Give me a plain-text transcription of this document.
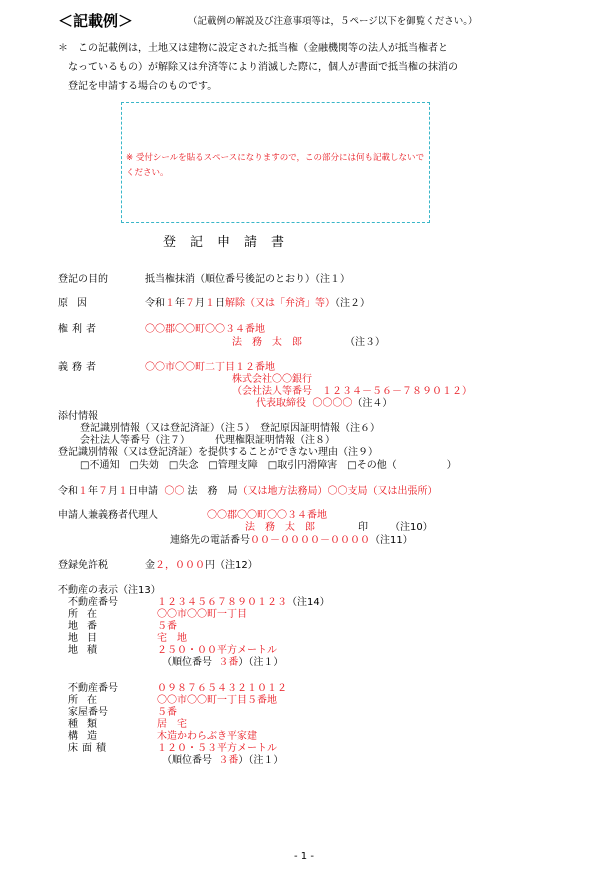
＜記載例＞	（記載例の解説及び注意事項等は，５ページ以下を御覧ください。）
＊　この記載例は，土地又は建物に設定された抵当権（金融機関等の法人が抵当権者と
なっているもの）が解除又は弁済等により消滅した際に，個人が書面で抵当権の抹消の
登記を申請する場合のものです。
※ 受付シールを貼るスペースになりますので，この部分には何も記載しないでください。
登記申請書
登記の目的	抵当権抹消（順位番号後記のとおり）（注１）
原因	令和１年７月１日解除（又は「弁済」等）（注２）
権利者	〇〇郡〇〇町〇〇３４番地
法　務　太　郎	（注３）
義務者	〇〇市〇〇町二丁目１２番地
株式会社〇〇銀行
（会社法人等番号　１２３４－５６－７８９０１２）
代表取締役 〇〇〇〇（注４）
添付情報
登記識別情報（又は登記済証）（注５）　登記原因証明情報（注６）
会社法人等番号（注７）　　　代理権限証明情報（注８）
登記識別情報（又は登記済証）を提供することができない理由（注９）
□不通知　□失効　□失念　□管理支障　□取引円滑障害　□その他（　　　　　）
令和１年７月１日申請 〇〇 法　務　局（又は地方法務局）〇〇支局（又は出張所）
申請人兼義務者代理人	〇〇郡〇〇町〇〇３４番地
法　務　太　郎	印 （注10）
連絡先の電話番号００－００００－００００（注11）
登録免許税	金２，０００円（注12）
不動産の表示（注13）
不動産番号	１２３４５６７８９０１２３（注14）
所在	〇〇市〇〇町一丁目
地番	５番
地目	宅　地
地積	２５０・００平方メートル
（順位番号 ３番）（注１）
不動産番号	０９８７６５４３２１０１２
所在	〇〇市〇〇町一丁目５番地
家屋番号	５番
種類	居　宅
構造	木造かわらぶき平家建
床面積	１２０・５３平方メートル
（順位番号 ３番）（注１）
- 1 -
